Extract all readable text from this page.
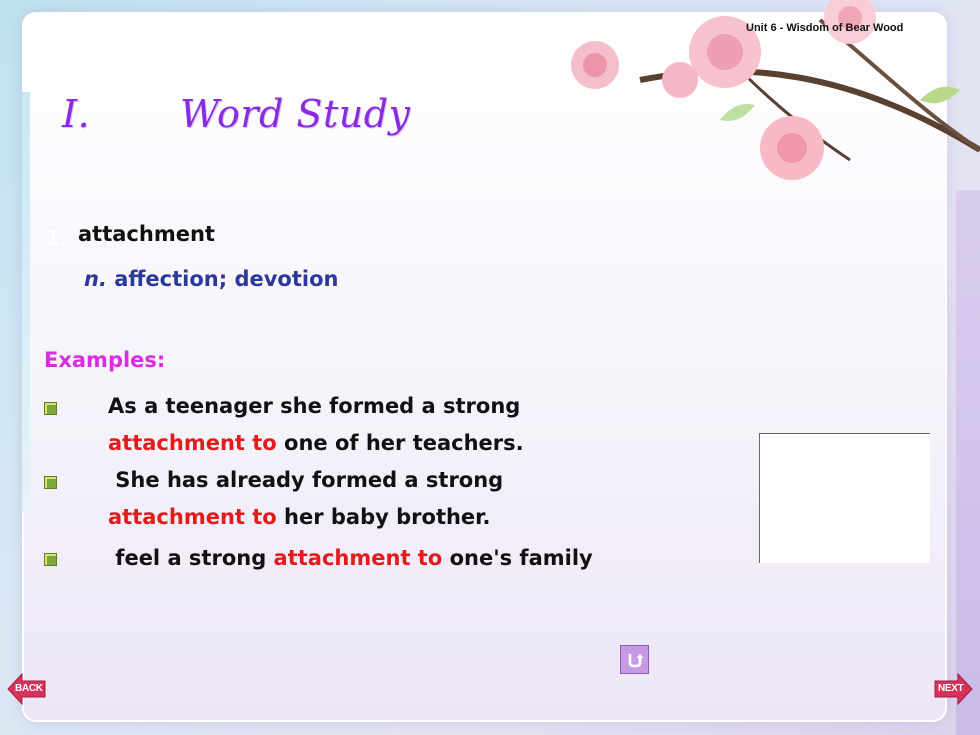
Unit 6 - Wisdom of Bear Wood
I. Word Study
1. attachment
n. affection; devotion
Examples:
As a teenager she formed a strong
attachment to one of her teachers.
She has already formed a strong
attachment to her baby brother.
feel a strong attachment to one's family
BACK	NEXT
